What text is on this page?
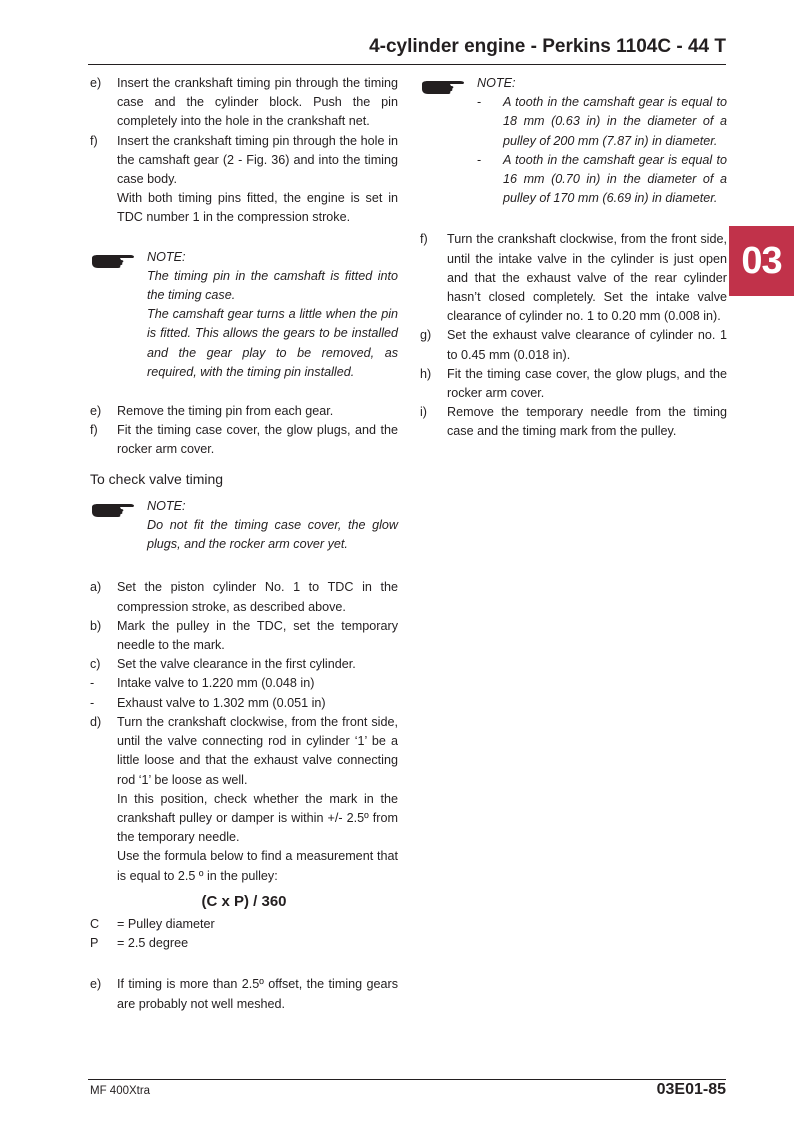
4-cylinder engine - Perkins 1104C - 44 T
03
e)	Insert the crankshaft timing pin through the timing case and the cylinder block. Push the pin completely into the hole in the crankshaft net.
f)	Insert the crankshaft timing pin through the hole in the camshaft gear (2 - Fig. 36) and into the timing case body.
With both timing pins fitted, the engine is set in TDC number 1 in the compression stroke.
NOTE:
The timing pin in the camshaft is fitted into the timing case.
The camshaft gear turns a little when the pin is fitted. This allows the gears to be installed and the gear play to be removed, as required, with the timing pin installed.
e)	Remove the timing pin from each gear.
f)	Fit the timing case cover, the glow plugs, and the rocker arm cover.
To check valve timing
NOTE:
Do not fit the timing case cover, the glow plugs, and the rocker arm cover yet.
a)	Set the piston cylinder No. 1 to TDC in the compression stroke, as described above.
b)	Mark the pulley in the TDC, set the temporary needle to the mark.
c)	Set the valve clearance in the first cylinder.
-	Intake valve to 1.220 mm (0.048 in)
-	Exhaust valve to 1.302 mm (0.051 in)
d)	Turn the crankshaft clockwise, from the front side, until the valve connecting rod in cylinder ‘1’ be a little loose and that the exhaust valve connecting rod ‘1’ be loose as well.
In this position, check whether the mark in the crankshaft pulley or damper is within +/- 2.5º from the temporary needle.
Use the formula below to find a measurement that is equal to 2.5 º in the pulley:
(C x P) / 360
C	= Pulley diameter
P	= 2.5 degree
e)	If timing is more than 2.5º offset, the timing gears are probably not well meshed.
NOTE:
-	A tooth in the camshaft gear is equal to 18 mm (0.63 in) in the diameter of a pulley of 200 mm (7.87 in) in diameter.
-	A tooth in the camshaft gear is equal to 16 mm (0.70 in) in the diameter of a pulley of 170 mm (6.69 in) in diameter.
f)	Turn the crankshaft clockwise, from the front side, until the intake valve in the cylinder is just open and that the exhaust valve of the rear cylinder hasn’t closed completely. Set the intake valve clearance of cylinder no. 1 to 0.20 mm (0.008 in).
g)	Set the exhaust valve clearance of cylinder no. 1 to 0.45 mm (0.018 in).
h)	Fit the timing case cover, the glow plugs, and the rocker arm cover.
i)	Remove the temporary needle from the timing case and the timing mark from the pulley.
MF 400Xtra	03E01-85
